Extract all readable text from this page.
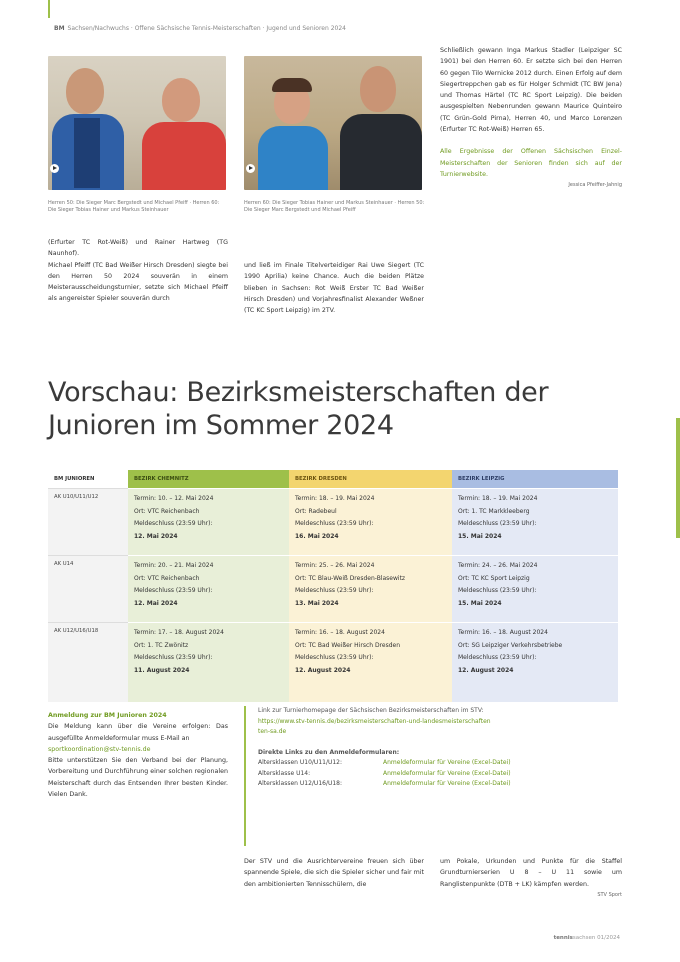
BM Sachsen/Nachwuchs · Offene Sächsische Tennis-Meisterschaften · Jugend und Senioren 2024
Herren 50: Die Sieger Marc Bergstedt und Michael Pfeiff · Herren 60: Die Sieger Tobias Hainer und Markus Steinhauer
Herren 60: Die Sieger Tobias Hainer und Markus Steinhauer · Herren 50: Die Sieger Marc Bergstedt und Michael Pfeiff

(Erfurter TC Rot-Weiß) und Rainer Hartweg (TG Naunhof).

Michael Pfeiff (TC Bad Weißer Hirsch Dresden) siegte bei den Herren 50 2024 souverän in einem Meisterausscheidungsturnier, setzte sich Michael Pfeiff als angereister Spieler souverän durch

und ließ im Finale Titelverteidiger Rai Uwe Siegert (TC 1990 Aprilia) keine Chance. Auch die beiden Plätze blieben in Sachsen: Rot Weiß Erster TC Bad Weißer Hirsch Dresden) und Vorjahresfinalist Alexander Weßner (TC KC Sport Leipzig) im 2TV.

Schließlich gewann Inga Markus Stadler (Leipziger SC 1901) bei den Herren 60. Er setzte sich bei den Herren 60 gegen Tilo Wernicke 2012 durch. Einen Erfolg auf dem Siegertreppchen gab es für Holger Schmidt (TC BW Jena) und Thomas Härtel (TC RC Sport Leipzig). Die beiden ausgespielten Nebenrunden gewann Maurice Quinteiro (TC Grün-Gold Pirna), Herren 40, und Marco Lorenzen (Erfurter TC Rot-Weiß) Herren 65.

Alle Ergebnisse der Offenen Sächsischen Einzel-Meisterschaften der Senioren finden sich auf der Turnierwebsite.

Jessica Pfeiffer-Jahnig

Vorschau: Bezirksmeisterschaften der Junioren im Sommer 2024
BM JUNIOREN	BEZIRK CHEMNITZ	BEZIRK DRESDEN	BEZIRK LEIPZIG
AK U10/U11/U12	Termin: 10. – 12. Mai 2024
Ort: VTC Reichenbach
Meldeschluss (23:59 Uhr):
12. Mai 2024
Termin: 18. – 19. Mai 2024
Ort: Radebeul
Meldeschluss (23:59 Uhr):
16. Mai 2024
Termin: 18. – 19. Mai 2024
Ort: 1. TC Markkleeberg
Meldeschluss (23:59 Uhr):
15. Mai 2024
AK U14	Termin: 20. – 21. Mai 2024
Ort: VTC Reichenbach
Meldeschluss (23:59 Uhr):
12. Mai 2024
Termin: 25. – 26. Mai 2024
Ort: TC Blau-Weiß Dresden-Blasewitz
Meldeschluss (23:59 Uhr):
13. Mai 2024
Termin: 24. – 26. Mai 2024
Ort: TC KC Sport Leipzig
Meldeschluss (23:59 Uhr):
15. Mai 2024
AK U12/U16/U18	Termin: 17. – 18. August 2024
Ort: 1. TC Zwönitz
Meldeschluss (23:59 Uhr):
11. August 2024
Termin: 16. – 18. August 2024
Ort: TC Bad Weißer Hirsch Dresden
Meldeschluss (23:59 Uhr):
12. August 2024
Termin: 16. – 18. August 2024
Ort: SG Leipziger Verkehrsbetriebe
Meldeschluss (23:59 Uhr):
12. August 2024

Anmeldung zur BM Junioren 2024

Die Meldung kann über die Vereine erfolgen: Das ausgefüllte Anmeldeformular muss E-Mail an

sportkoordination@stv-tennis.de

Bitte unterstützen Sie den Verband bei der Planung, Vorbereitung und Durchführung einer solchen regionalen Meisterschaft durch das Entsenden Ihrer besten Kinder. Vielen Dank.

Link zur Turnierhomepage der Sächsischen Bezirksmeisterschaften im STV:
https://www.stv-tennis.de/bezirksmeisterschaften-und-landesmeisterschaften
ten-sa.de
Direkte Links zu den Anmeldeformularen:
Altersklassen U10/U11/U12:	Anmeldeformular für Vereine (Excel-Datei)
Altersklasse U14:	Anmeldeformular für Vereine (Excel-Datei)
Altersklassen U12/U16/U18:	Anmeldeformular für Vereine (Excel-Datei)

Der STV und die Ausrichtervereine freuen sich über spannende Spiele, die sich die Spieler sicher und fair mit den ambitionierten Tennisschülern, die

um Pokale, Urkunden und Punkte für die Staffel Grundturnierserien U 8 – U 11 sowie um Ranglistenpunkte (DTB + LK) kämpfen werden.

STV Sport

tennissachsen 01/2024
